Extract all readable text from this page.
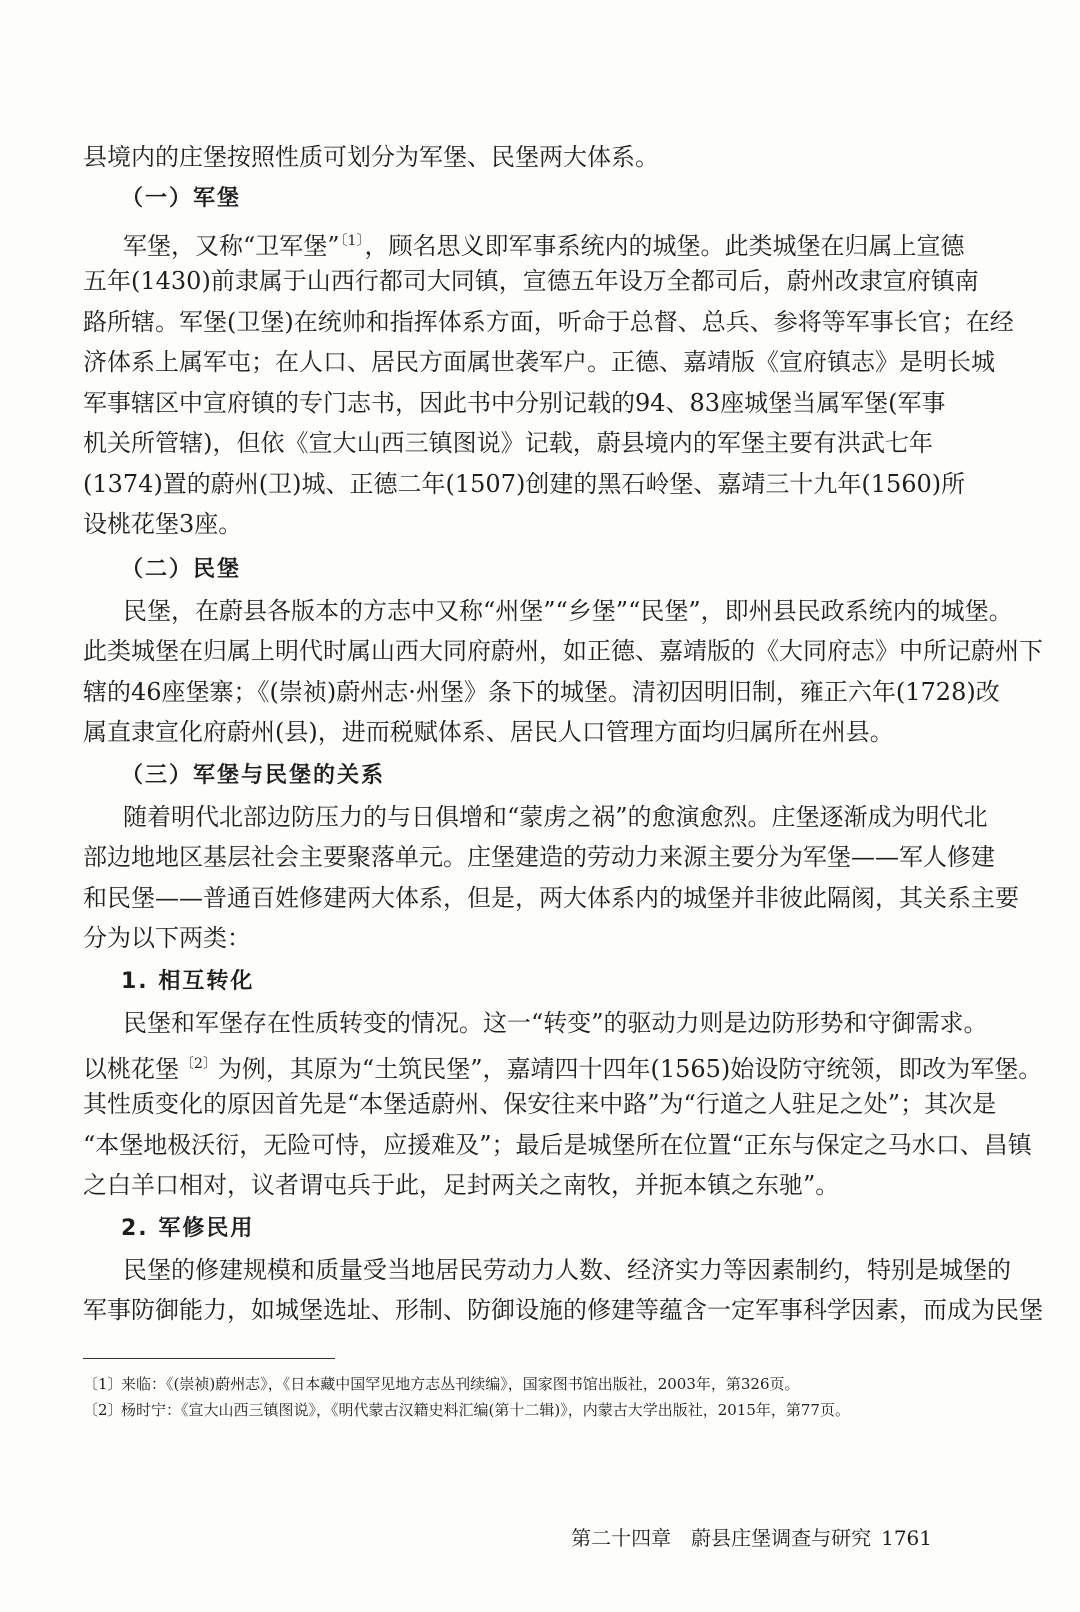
县境内的庄堡按照性质可划分为军堡、民堡两大体系。
（一）军堡
军堡，又称“卫军堡”$^{〔1〕}$，顾名思义即军事系统内的城堡。此类城堡在归属上宣德
五年(1430)前隶属于山西行都司大同镇，宣德五年设万全都司后，蔚州改隶宣府镇南
路所辖。军堡(卫堡)在统帅和指挥体系方面，听命于总督、总兵、参将等军事长官；在经
济体系上属军屯；在人口、居民方面属世袭军户。正德、嘉靖版《宣府镇志》是明长城
军事辖区中宣府镇的专门志书，因此书中分别记载的94、83座城堡当属军堡(军事
机关所管辖)，但依《宣大山西三镇图说》记载，蔚县境内的军堡主要有洪武七年
(1374)置的蔚州(卫)城、正德二年(1507)创建的黑石岭堡、嘉靖三十九年(1560)所
设桃花堡3座。
（二）民堡
民堡，在蔚县各版本的方志中又称“州堡”“乡堡”“民堡”，即州县民政系统内的城堡。
此类城堡在归属上明代时属山西大同府蔚州，如正德、嘉靖版的《大同府志》中所记蔚州下
辖的46座堡寨；《(崇祯)蔚州志·州堡》条下的城堡。清初因明旧制，雍正六年(1728)改
属直隶宣化府蔚州(县)，进而税赋体系、居民人口管理方面均归属所在州县。
（三）军堡与民堡的关系
随着明代北部边防压力的与日俱增和“蒙虏之祸”的愈演愈烈。庄堡逐渐成为明代北
部边地地区基层社会主要聚落单元。庄堡建造的劳动力来源主要分为军堡——军人修建
和民堡——普通百姓修建两大体系，但是，两大体系内的城堡并非彼此隔阂，其关系主要
分为以下两类：
1. 相互转化
民堡和军堡存在性质转变的情况。这一“转变”的驱动力则是边防形势和守御需求。
以桃花堡$^{〔2〕}$为例，其原为“土筑民堡”，嘉靖四十四年(1565)始设防守统领，即改为军堡。
其性质变化的原因首先是“本堡适蔚州、保安往来中路”为“行道之人驻足之处”；其次是
“本堡地极沃衍，无险可恃，应援难及”；最后是城堡所在位置“正东与保定之马水口、昌镇
之白羊口相对，议者谓屯兵于此，足封两关之南牧，并扼本镇之东驰”。
2. 军修民用
民堡的修建规模和质量受当地居民劳动力人数、经济实力等因素制约，特别是城堡的
军事防御能力，如城堡选址、形制、防御设施的修建等蕴含一定军事科学因素，而成为民堡
〔1〕来临：《(崇祯)蔚州志》，《日本藏中国罕见地方志丛刊续编》，国家图书馆出版社，2003年，第326页。
〔2〕杨时宁：《宣大山西三镇图说》，《明代蒙古汉籍史料汇编(第十二辑)》，内蒙古大学出版社，2015年，第77页。
第二十四章　蔚县庄堡调查与研究 1761
